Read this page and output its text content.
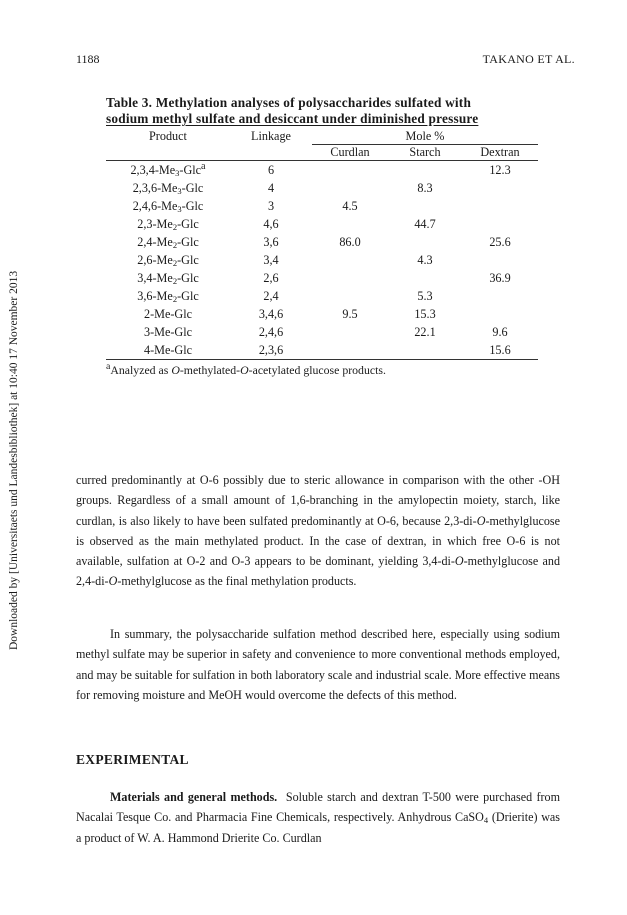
1188	TAKANO ET AL.
Downloaded by [Universitaets und Landesbibliothek] at 10:40 17 November 2013
Table 3. Methylation analyses of polysaccharides sulfated with
sodium methyl sulfate and desiccant under diminished pressure
Product	Linkage	Mole %		
		Curdlan	Starch	Dextran
$2,3,4-Me_3-Glc^a$	6			12.3
$2,3,6-Me_3$-Glc	4		8.3	
$2,4,6-Me_3$-Glc	3	4.5		
$2,3-Me_2$-Glc	4,6		44.7	
$2,4-Me_2$-Glc	3,6	86.0		25.6
$2,6-Me_2$-Glc	3,4		4.3	
$3,4-Me_2$-Glc	2,6			36.9
$3,6-Me_2$-Glc	2,4		5.3	
2-Me-Glc	3,4,6	9.5	15.3	
3-Me-Glc	2,4,6		22.1	9.6
4-Me-Glc	2,3,6			15.6
$^a$Analyzed as O-methylated-O-acetylated glucose products.
curred predominantly at O-6 possibly due to steric allowance in comparison with the other -OH groups. Regardless of a small amount of 1,6-branching in the amylopectin moiety, starch, like curdlan, is also likely to have been sulfated predominantly at O-6, because 2,3-di-O-methylglucose is observed as the main methylated product. In the case of dextran, in which free O-6 is not available, sulfation at O-2 and O-3 appears to be dominant, yielding 3,4-di-O-methylglucose and 2,4-di-O-methylglucose as the final methylation products.
In summary, the polysaccharide sulfation method described here, especially using sodium methyl sulfate may be superior in safety and convenience to more conventional methods employed, and may be suitable for sulfation in both laboratory scale and industrial scale. More effective means for removing moisture and MeOH would overcome the defects of this method.
EXPERIMENTAL
Materials and general methods. Soluble starch and dextran T-500 were purchased from Nacalai Tesque Co. and Pharmacia Fine Chemicals, respectively. Anhydrous CaSO$_4$ (Drierite) was a product of W. A. Hammond Drierite Co. Curdlan
